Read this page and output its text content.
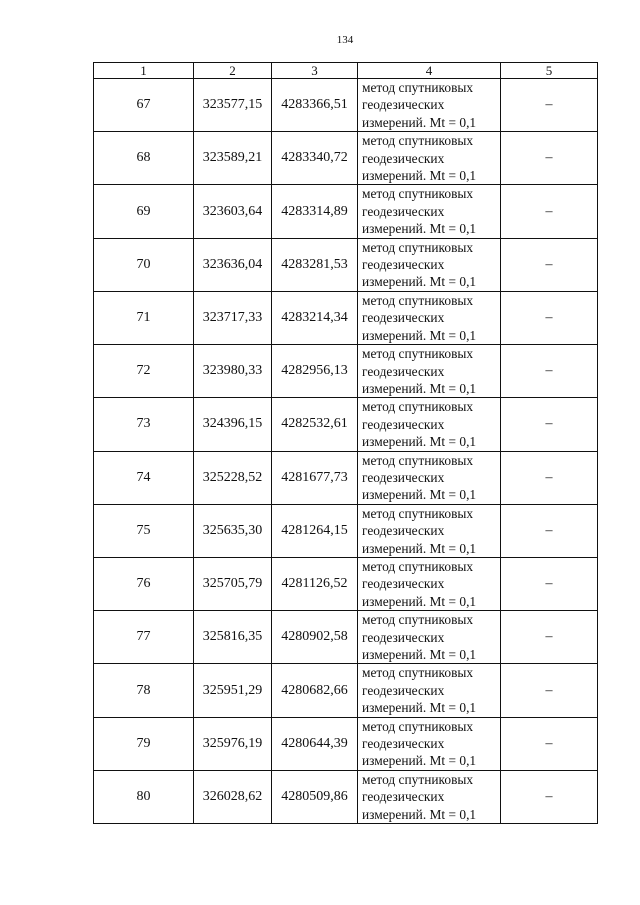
134
1	2	3	4	5
67	323577,15	4283366,51	метод спутниковых
геодезических
измерений. Mt = 0,1	–
68	323589,21	4283340,72	метод спутниковых
геодезических
измерений. Mt = 0,1	–
69	323603,64	4283314,89	метод спутниковых
геодезических
измерений. Mt = 0,1	–
70	323636,04	4283281,53	метод спутниковых
геодезических
измерений. Mt = 0,1	–
71	323717,33	4283214,34	метод спутниковых
геодезических
измерений. Mt = 0,1	–
72	323980,33	4282956,13	метод спутниковых
геодезических
измерений. Mt = 0,1	–
73	324396,15	4282532,61	метод спутниковых
геодезических
измерений. Mt = 0,1	–
74	325228,52	4281677,73	метод спутниковых
геодезических
измерений. Mt = 0,1	–
75	325635,30	4281264,15	метод спутниковых
геодезических
измерений. Mt = 0,1	–
76	325705,79	4281126,52	метод спутниковых
геодезических
измерений. Mt = 0,1	–
77	325816,35	4280902,58	метод спутниковых
геодезических
измерений. Mt = 0,1	–
78	325951,29	4280682,66	метод спутниковых
геодезических
измерений. Mt = 0,1	–
79	325976,19	4280644,39	метод спутниковых
геодезических
измерений. Mt = 0,1	–
80	326028,62	4280509,86	метод спутниковых
геодезических
измерений. Mt = 0,1	–
